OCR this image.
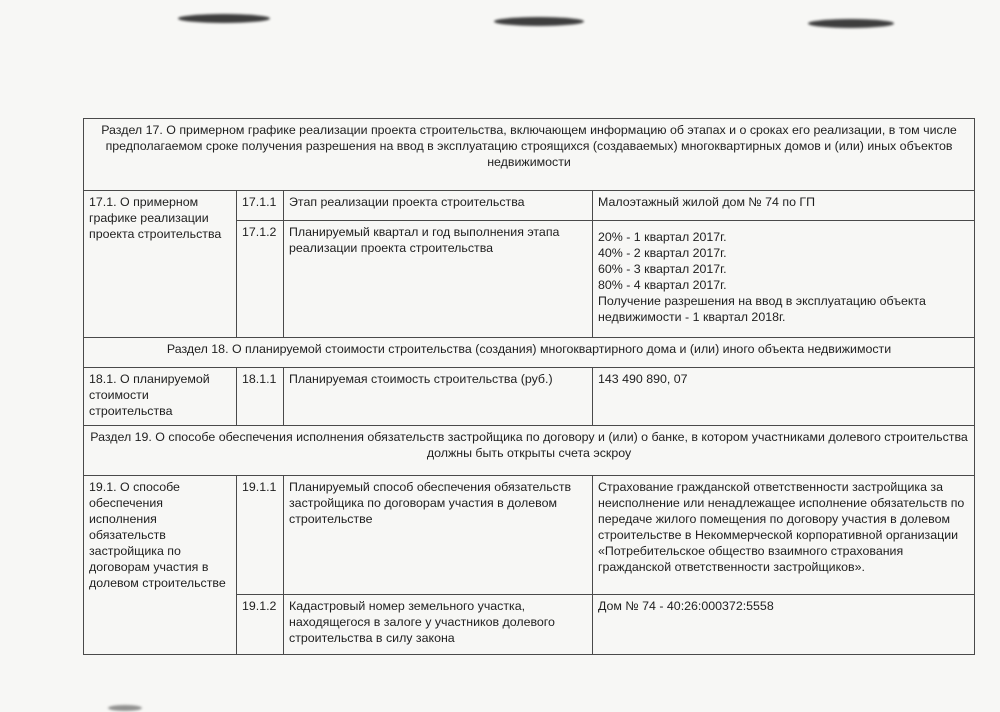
Раздел 17. О примерном графике реализации проекта строительства, включающем информацию об этапах и о сроках его реализации, в том числе предполагаемом сроке получения разрешения на ввод в эксплуатацию строящихся (создаваемых) многоквартирных домов и (или) иных объектов недвижимости			
17.1. О примерном графике реализации проекта строительства	17.1.1	Этап реализации проекта строительства	Малоэтажный жилой дом № 74 по ГП
	17.1.2	Планируемый квартал и год выполнения этапа реализации проекта строительства	20% - 1 квартал 2017г.
40% - 2 квартал 2017г.
60% - 3 квартал 2017г.
80% - 4 квартал 2017г.
Получение разрешения на ввод в эксплуатацию объекта недвижимости - 1 квартал 2018г.

Раздел 18. О планируемой стоимости строительства (создания) многоквартирного дома и (или) иного объекта недвижимости			
18.1. О планируемой стоимости строительства	18.1.1	Планируемая стоимость строительства (руб.)	143 490 890, 07
Раздел 19. О способе обеспечения исполнения обязательств застройщика по договору и (или) о банке, в котором участниками долевого строительства должны быть открыты счета эскроу			
19.1. О способе обеспечения исполнения обязательств застройщика по договорам участия в долевом строительстве	19.1.1	Планируемый способ обеспечения обязательств застройщика по договорам участия в долевом строительстве	Страхование гражданской ответственности застройщика за неисполнение или ненадлежащее исполнение обязательств по передаче жилого помещения по договору участия в долевом строительстве в Некоммерческой корпоративной организации «Потребительское общество взаимного страхования гражданской ответственности застройщиков».
	19.1.2	Кадастровый номер земельного участка, находящегося в залоге у участников долевого строительства в силу закона	Дом № 74 - 40:26:000372:5558
